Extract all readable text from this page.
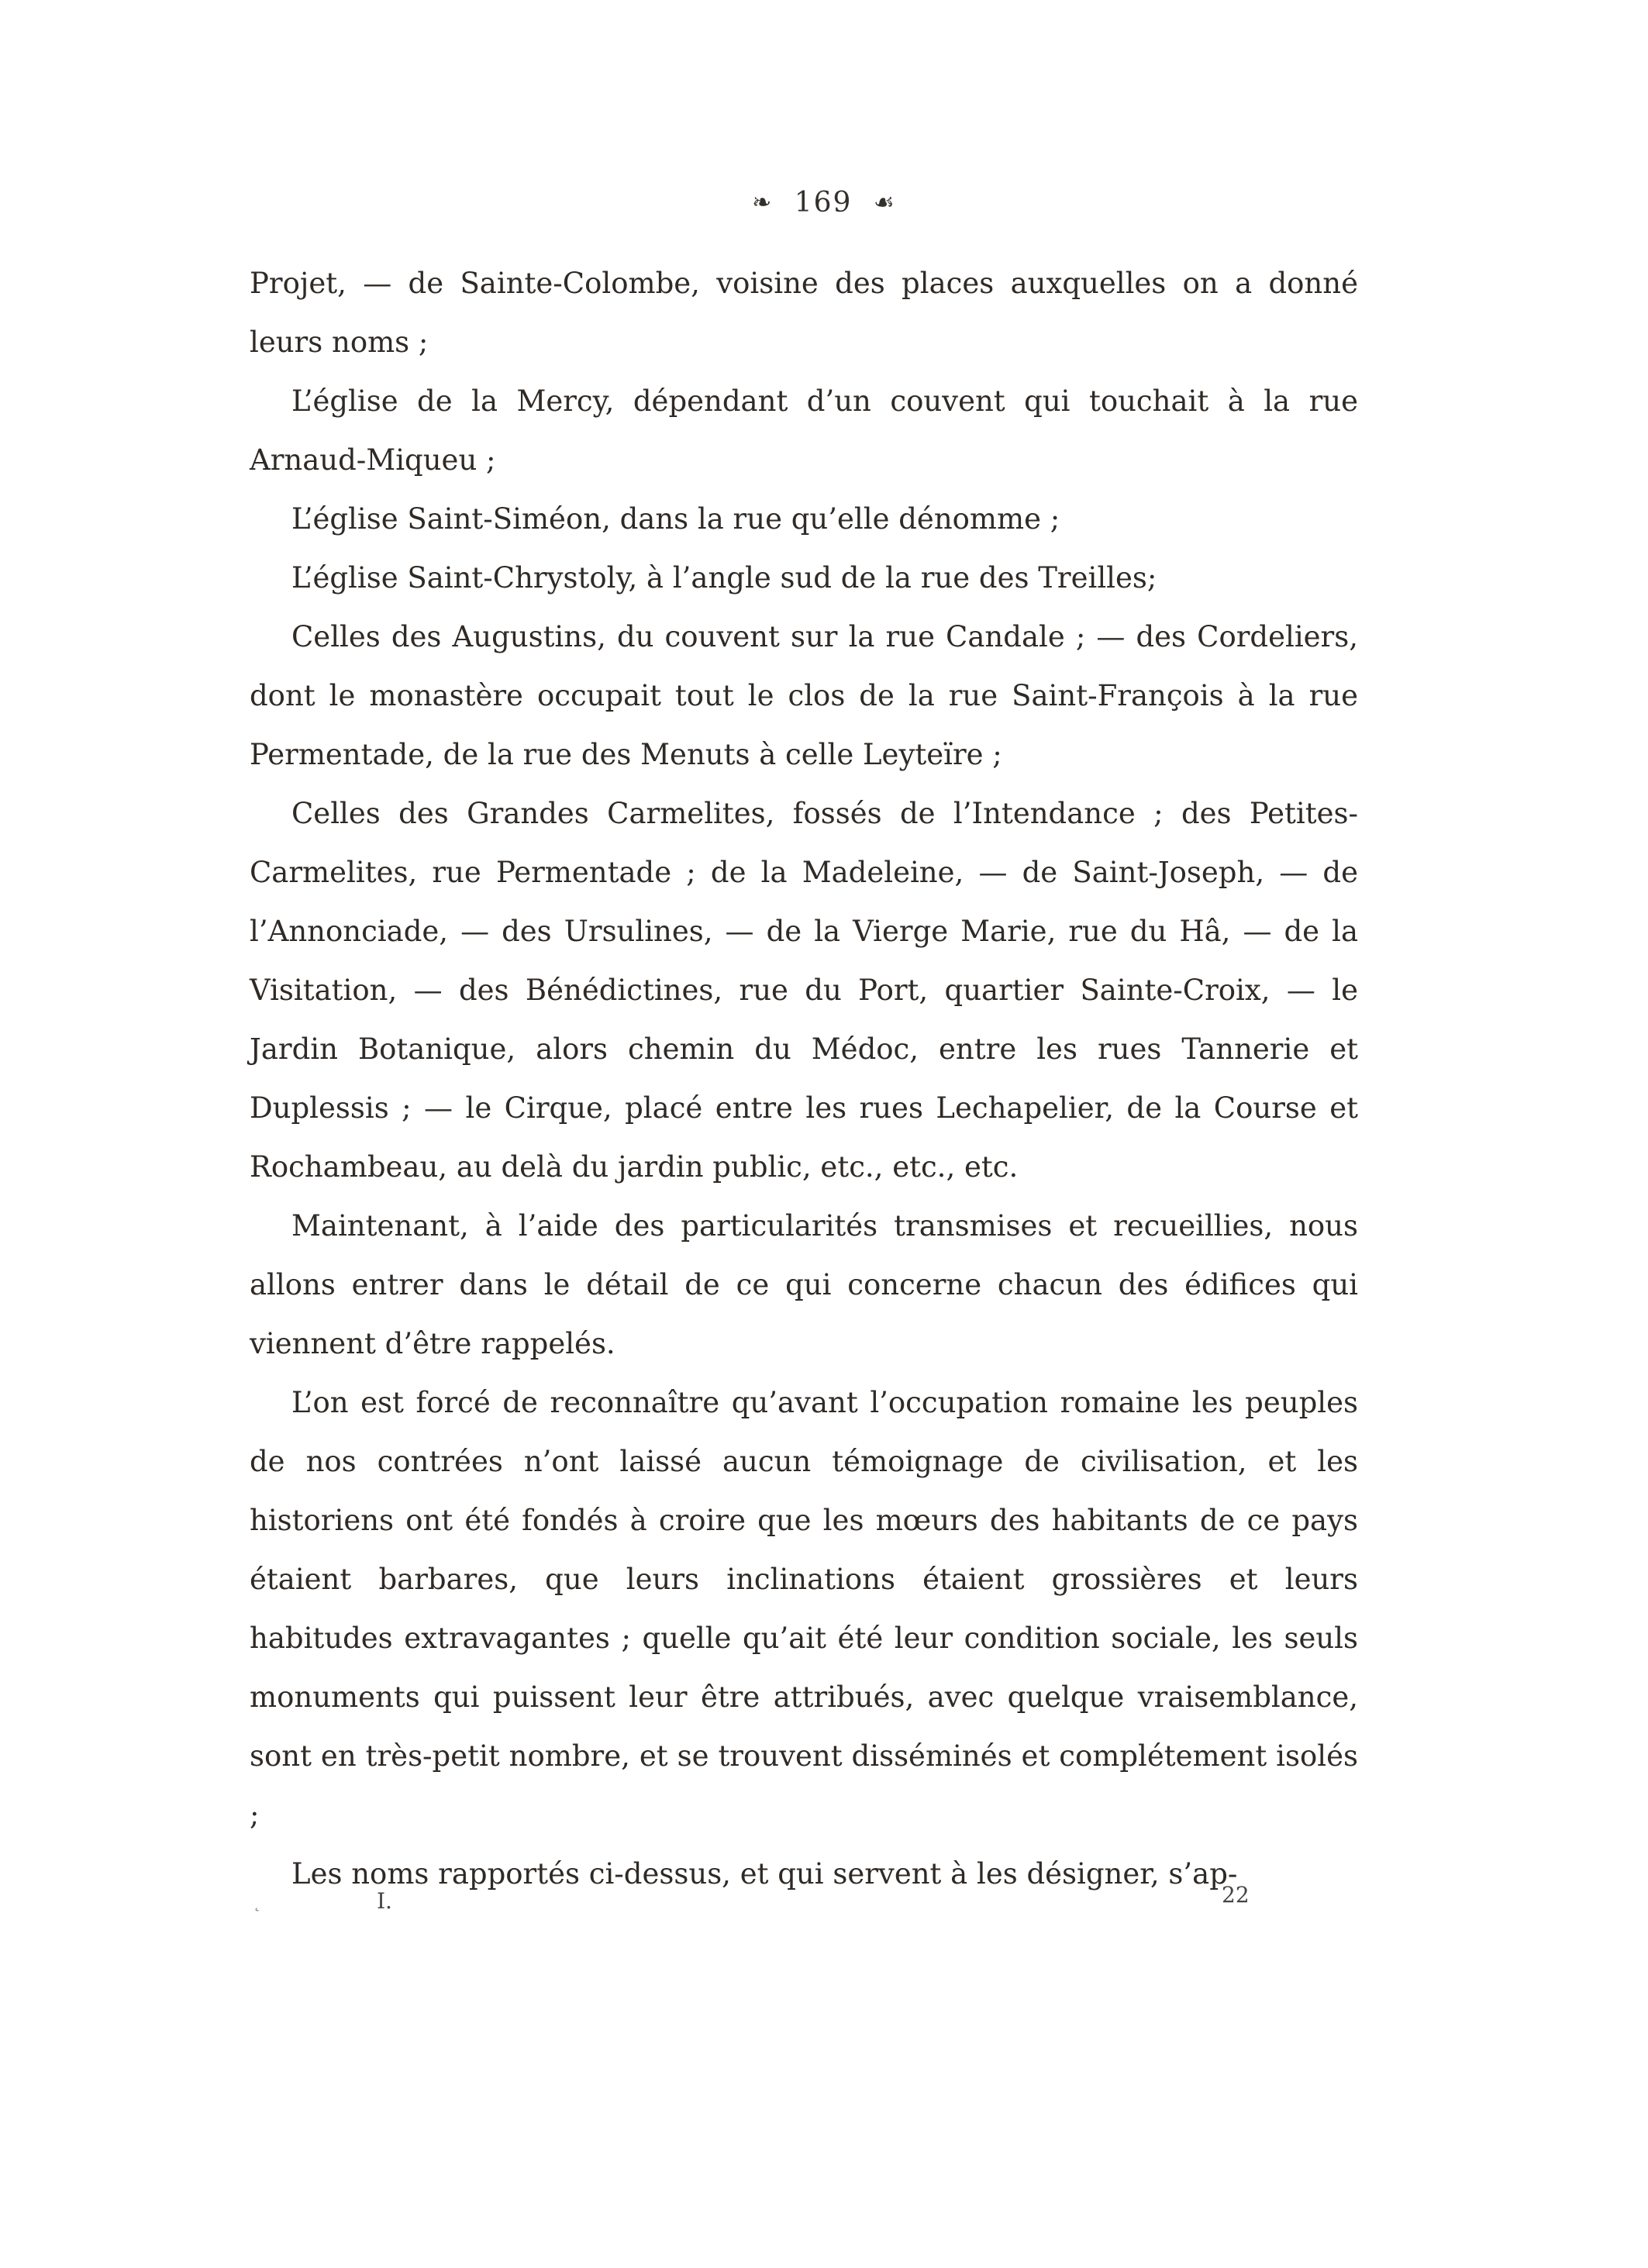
❧ 169 ☙

Projet, — de Sainte-Colombe, voisine des places auxquelles on a donné leurs noms ;

L’église de la Mercy, dépendant d’un couvent qui touchait à la rue Arnaud-Miqueu ;

L’église Saint-Siméon, dans la rue qu’elle dénomme ;

L’église Saint-Chrystoly, à l’angle sud de la rue des Treilles;

Celles des Augustins, du couvent sur la rue Candale ; — des Cordeliers, dont le monastère occupait tout le clos de la rue Saint-François à la rue Permentade, de la rue des Menuts à celle Leyteïre ;

Celles des Grandes Carmelites, fossés de l’Intendance ; des Petites-Carmelites, rue Permentade ; de la Madeleine, — de Saint-Joseph, — de l’Annonciade, — des Ursulines, — de la Vierge Marie, rue du Hâ, — de la Visitation, — des Bénédictines, rue du Port, quartier Sainte-Croix, — le Jardin Botanique, alors chemin du Médoc, entre les rues Tannerie et Duplessis ; — le Cirque, placé entre les rues Lechapelier, de la Course et Rochambeau, au delà du jardin public, etc., etc., etc.

Maintenant, à l’aide des particularités transmises et recueillies, nous allons entrer dans le détail de ce qui concerne chacun des édifices qui viennent d’être rappelés.

L’on est forcé de reconnaître qu’avant l’occupation romaine les peuples de nos contrées n’ont laissé aucun témoignage de civilisation, et les historiens ont été fondés à croire que les mœurs des habitants de ce pays étaient barbares, que leurs inclinations étaient grossières et leurs habitudes extravagantes ; quelle qu’ait été leur condition sociale, les seuls monuments qui puissent leur être attribués, avec quelque vraisemblance, sont en très-petit nombre, et se trouvent disséminés et complétement isolés ;

Les noms rapportés ci-dessus, et qui servent à les désigner, s’ap-

˛	I.	22
